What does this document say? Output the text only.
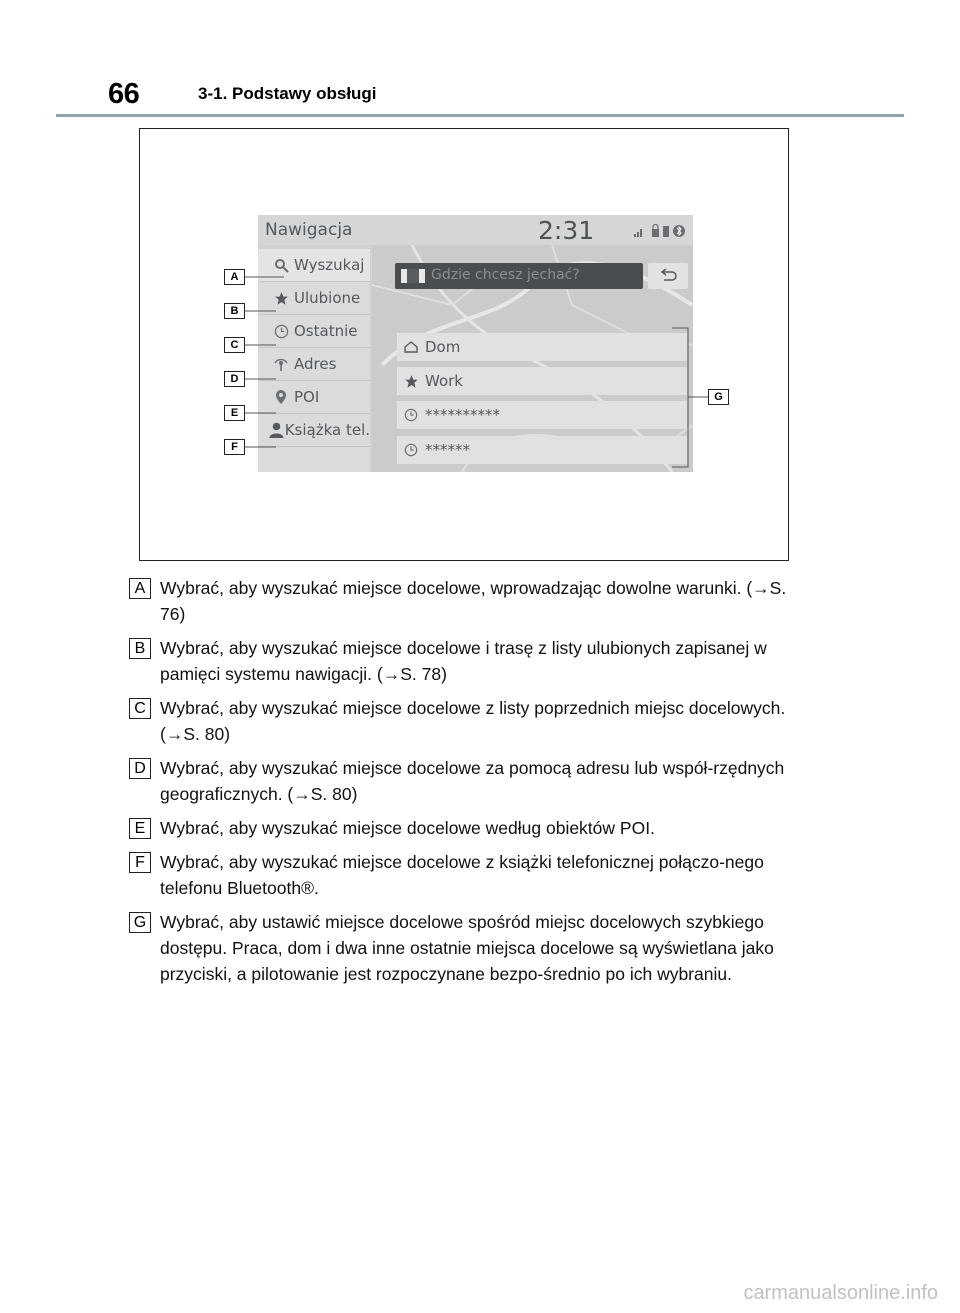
66	3-1. Podstawy obsługi
Nawigacja	2:31
Wyszukaj
Ulubione
Ostatnie
Adres
POI
Książka tel.
Gdzie chcesz jechać?
Dom
Work
**********
******
A
B
C
D
E
F
G
A Wybrać, aby wyszukać miejsce docelowe, wprowadzając dowolne warunki. (→S. 76)
B Wybrać, aby wyszukać miejsce docelowe i trasę z listy ulubionych zapisanej w pamięci systemu nawigacji. (→S. 78)
C Wybrać, aby wyszukać miejsce docelowe z listy poprzednich miejsc docelowych. (→S. 80)
D Wybrać, aby wyszukać miejsce docelowe za pomocą adresu lub współ-rzędnych geograficznych. (→S. 80)
E Wybrać, aby wyszukać miejsce docelowe według obiektów POI.
F Wybrać, aby wyszukać miejsce docelowe z książki telefonicznej połączo-nego telefonu Bluetooth®.
G Wybrać, aby ustawić miejsce docelowe spośród miejsc docelowych szybkiego dostępu. Praca, dom i dwa inne ostatnie miejsca docelowe są wyświetlana jako przyciski, a pilotowanie jest rozpoczynane bezpo-średnio po ich wybraniu.
carmanualsonline.info
